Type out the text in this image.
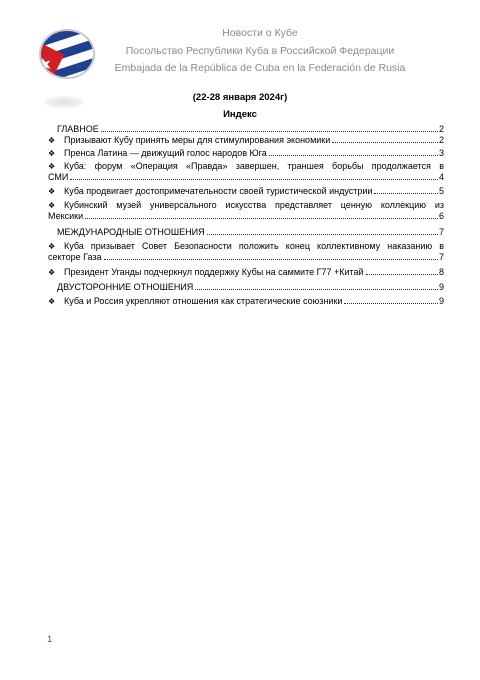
Новости о Кубе
Посольство Республики Куба в Российской Федерации
Embajada de la República de Cuba en la Federación de Rusia
(22-28 января 2024г)
Индекс
ГЛАВНОЕ	2
❖ Призывают Кубу принять меры для стимулирования экономики	2
❖ Пренса Латина — движущий голос народов Юга	3
❖ Куба: форум «Операция «Правда» завершен, траншея борьбы продолжается в
СМИ	4
❖ Куба продвигает достопримечательности своей туристической индустрии	5
❖ Кубинский музей универсального искусства представляет ценную коллекцию из
Мексики	6
МЕЖДУНАРОДНЫЕ ОТНОШЕНИЯ	7
❖ Куба призывает Совет Безопасности положить конец коллективному наказанию в
секторе Газа	7
❖ Президент Уганды подчеркнул поддержку Кубы на саммите Г77 +Китай	8
ДВУСТОРОННИЕ ОТНОШЕНИЯ	9
❖ Куба и Россия укрепляют отношения как стратегические союзники	9
1
